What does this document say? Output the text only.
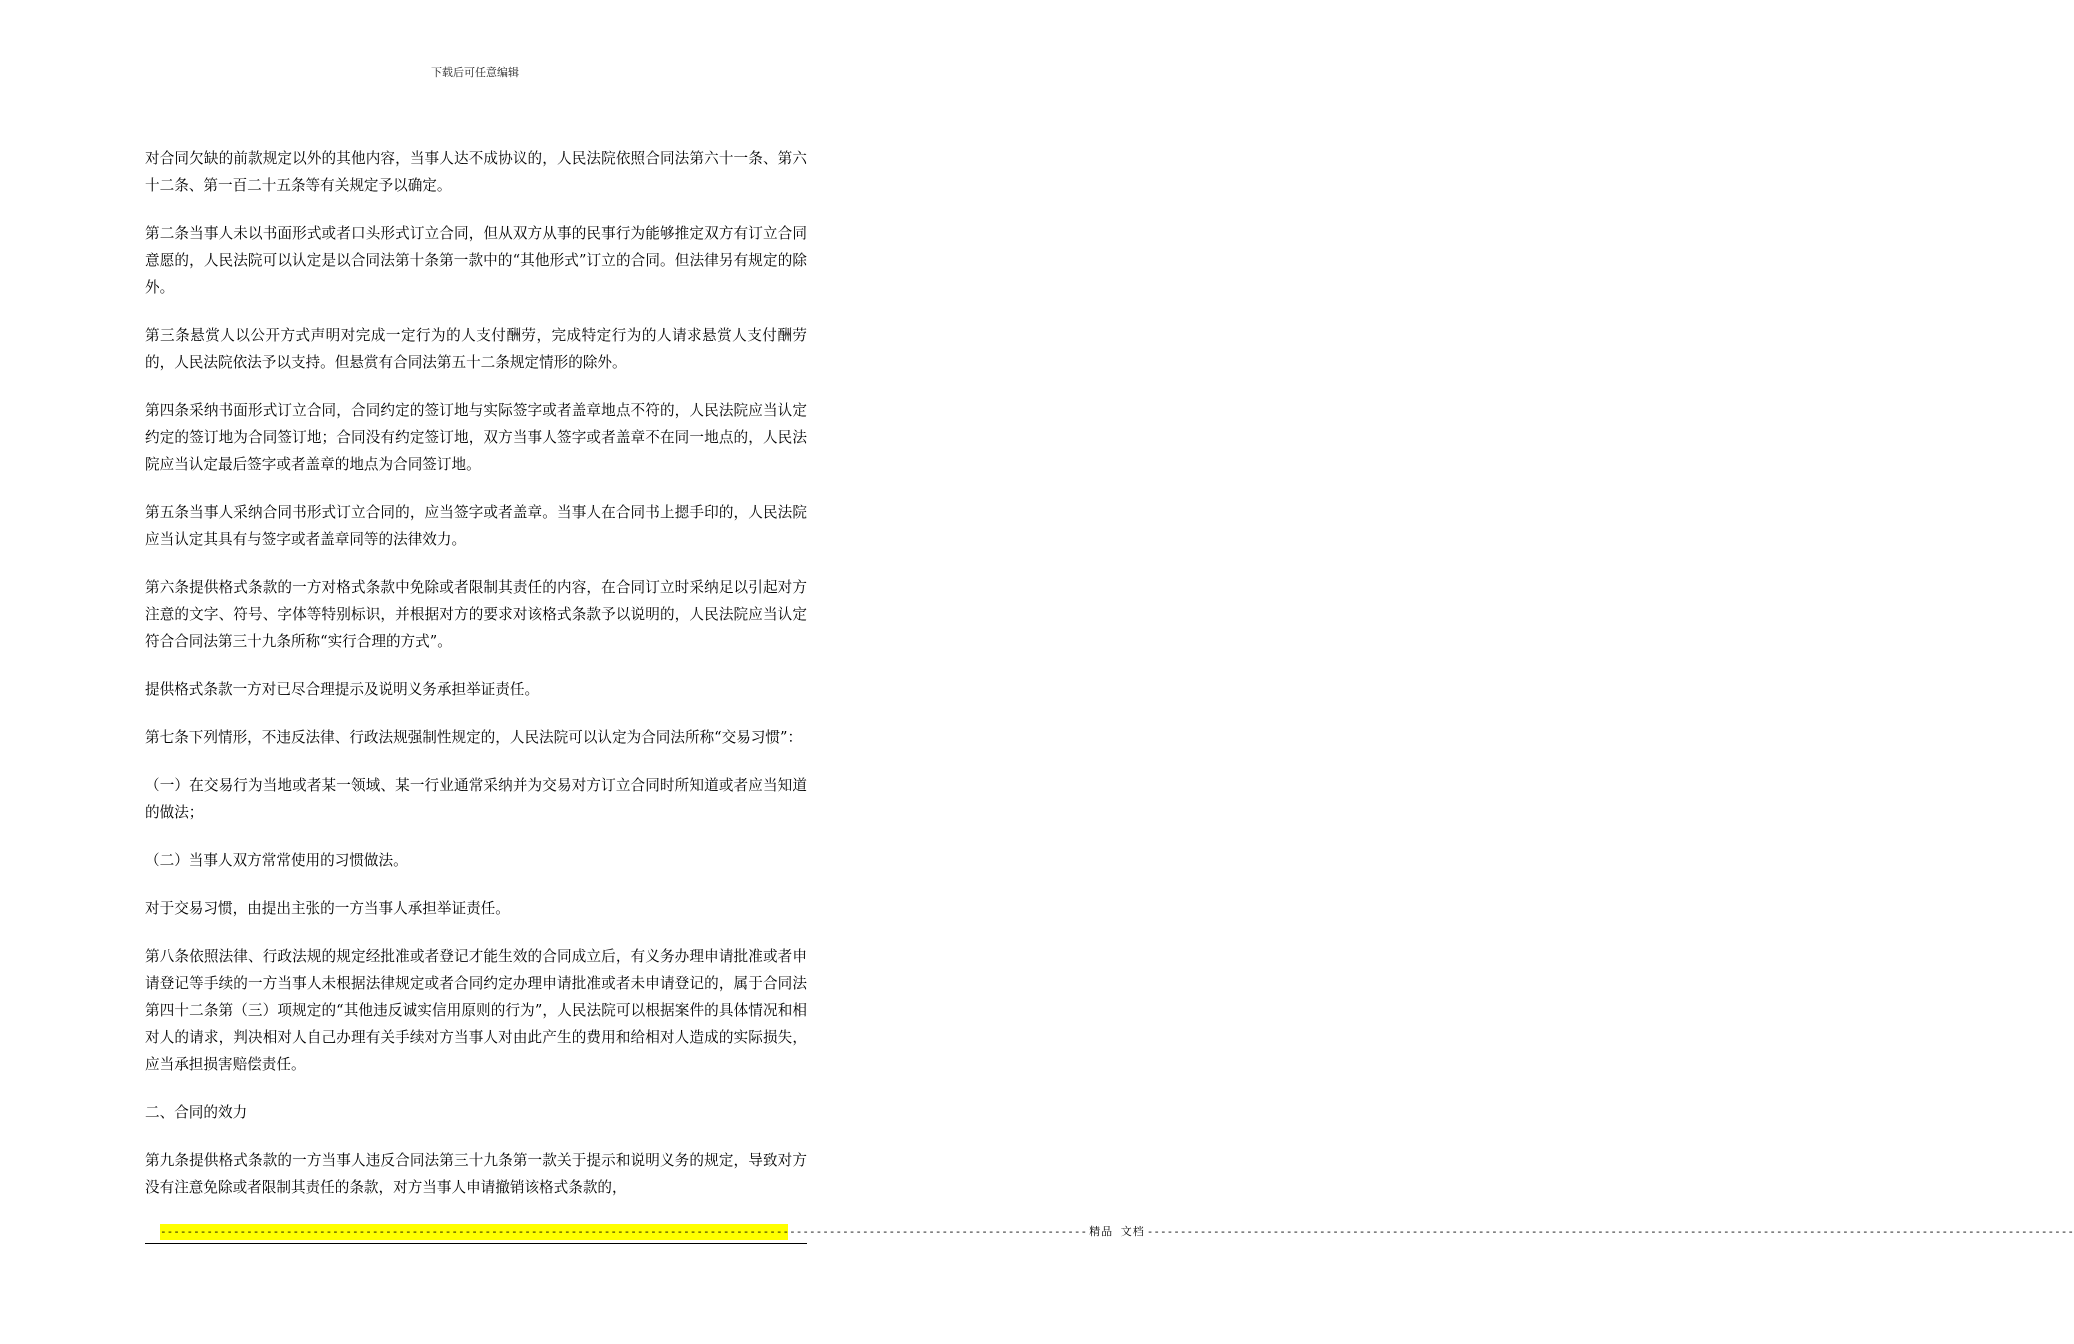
下载后可任意编辑

对合同欠缺的前款规定以外的其他内容，当事人达不成协议的，人民法院依照合同法第六十一条、第六十二条、第一百二十五条等有关规定予以确定。

第二条当事人未以书面形式或者口头形式订立合同，但从双方从事的民事行为能够推定双方有订立合同意愿的，人民法院可以认定是以合同法第十条第一款中的“其他形式”订立的合同。但法律另有规定的除外。

第三条悬赏人以公开方式声明对完成一定行为的人支付酬劳，完成特定行为的人请求悬赏人支付酬劳的，人民法院依法予以支持。但悬赏有合同法第五十二条规定情形的除外。

第四条采纳书面形式订立合同，合同约定的签订地与实际签字或者盖章地点不符的，人民法院应当认定约定的签订地为合同签订地；合同没有约定签订地，双方当事人签字或者盖章不在同一地点的，人民法院应当认定最后签字或者盖章的地点为合同签订地。

第五条当事人采纳合同书形式订立合同的，应当签字或者盖章。当事人在合同书上摁手印的，人民法院应当认定其具有与签字或者盖章同等的法律效力。

第六条提供格式条款的一方对格式条款中免除或者限制其责任的内容，在合同订立时采纳足以引起对方注意的文字、符号、字体等特别标识，并根据对方的要求对该格式条款予以说明的，人民法院应当认定符合合同法第三十九条所称“实行合理的方式”。

提供格式条款一方对已尽合理提示及说明义务承担举证责任。

第七条下列情形，不违反法律、行政法规强制性规定的，人民法院可以认定为合同法所称“交易习惯”：

（一）在交易行为当地或者某一领域、某一行业通常采纳并为交易对方订立合同时所知道或者应当知道的做法；

（二）当事人双方常常使用的习惯做法。

对于交易习惯，由提出主张的一方当事人承担举证责任。

第八条依照法律、行政法规的规定经批准或者登记才能生效的合同成立后，有义务办理申请批准或者申请登记等手续的一方当事人未根据法律规定或者合同约定办理申请批准或者未申请登记的，属于合同法第四十二条第（三）项规定的“其他违反诚实信用原则的行为”，人民法院可以根据案件的具体情况和相对人的请求，判决相对人自己办理有关手续对方当事人对由此产生的费用和给相对人造成的实际损失，应当承担损害赔偿责任。

二、合同的效力

第九条提供格式条款的一方当事人违反合同法第三十九条第一款关于提示和说明义务的规定，导致对方没有注意免除或者限制其责任的条款，对方当事人申请撤销该格式条款的，

-------------------------------------------------------------------------------------------------------------------------------------------- 精品 文档 --------------------------------------------------------------------------------------------------------------------------------------------
